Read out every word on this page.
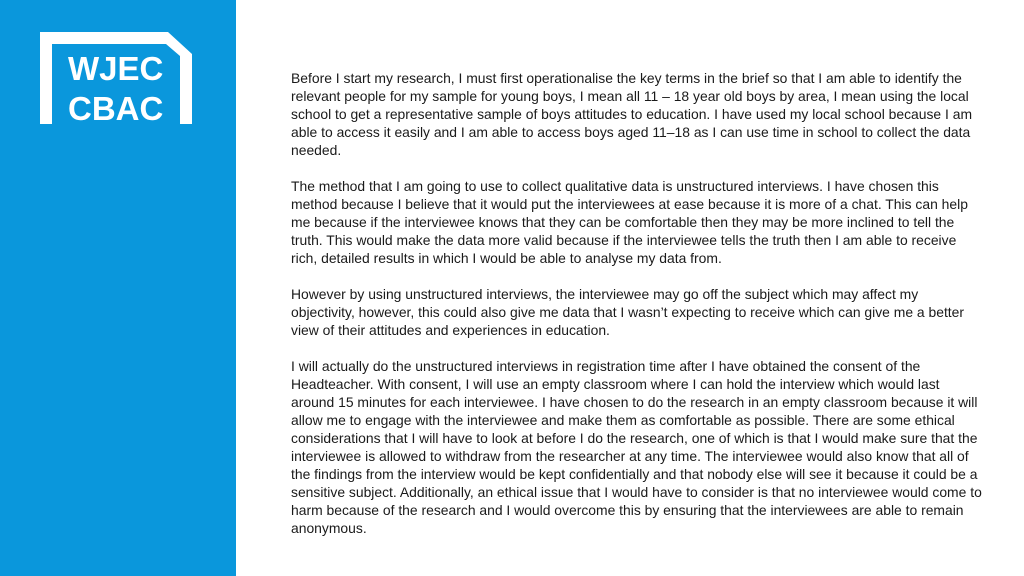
WJEC
CBAC

Before I start my research, I must first operationalise the key terms in the brief so that I am able to identify the relevant people for my sample for young boys, I mean all 11 – 18 year old boys by area, I mean using the local school to get a representative sample of boys attitudes to education. I have used my local school because I am able to access it easily and I am able to access boys aged 11–18 as I can use time in school to collect the data needed.

The method that I am going to use to collect qualitative data is unstructured interviews. I have chosen this method because I believe that it would put the interviewees at ease because it is more of a chat. This can help me because if the interviewee knows that they can be comfortable then they may be more inclined to tell the truth. This would make the data more valid because if the interviewee tells the truth then I am able to receive rich, detailed results in which I would be able to analyse my data from.

However by using unstructured interviews, the interviewee may go off the subject which may affect my objectivity, however, this could also give me data that I wasn’t expecting to receive which can give me a better view of their attitudes and experiences in education.

I will actually do the unstructured interviews in registration time after I have obtained the consent of the Headteacher. With consent, I will use an empty classroom where I can hold the interview which would last around 15 minutes for each interviewee. I have chosen to do the research in an empty classroom because it will allow me to engage with the interviewee and make them as comfortable as possible. There are some ethical considerations that I will have to look at before I do the research, one of which is that I would make sure that the interviewee is allowed to withdraw from the researcher at any time. The interviewee would also know that all of the findings from the interview would be kept confidentially and that nobody else will see it because it could be a sensitive subject. Additionally, an ethical issue that I would have to consider is that no interviewee would come to harm because of the research and I would overcome this by ensuring that the interviewees are able to remain anonymous.
